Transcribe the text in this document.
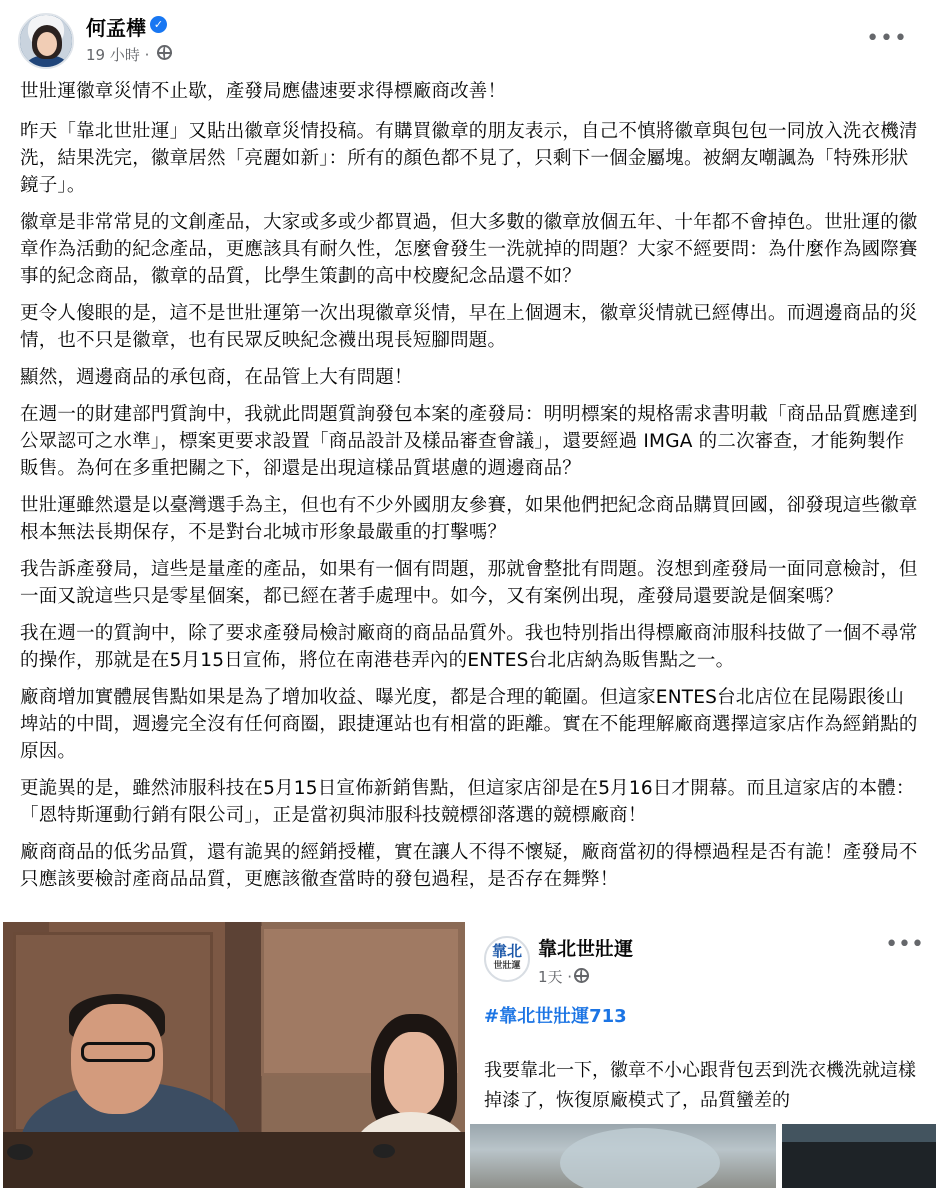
何孟樺 ✓
19 小時 ·
•••

世壯運徽章災情不止歇，產發局應儘速要求得標廠商改善！

昨天「靠北世壯運」又貼出徽章災情投稿。有購買徽章的朋友表示，自己不慎將徽章與包包一同放入洗衣機清洗，結果洗完，徽章居然「亮麗如新」：所有的顏色都不見了，只剩下一個金屬塊。被網友嘲諷為「特殊形狀鏡子」。

徽章是非常常見的文創產品，大家或多或少都買過，但大多數的徽章放個五年、十年都不會掉色。世壯運的徽章作為活動的紀念產品，更應該具有耐久性，怎麼會發生一洗就掉的問題？大家不經要問：為什麼作為國際賽事的紀念商品，徽章的品質，比學生策劃的高中校慶紀念品還不如？

更令人傻眼的是，這不是世壯運第一次出現徽章災情，早在上個週末，徽章災情就已經傳出。而週邊商品的災情，也不只是徽章，也有民眾反映紀念襪出現長短腳問題。

顯然，週邊商品的承包商，在品管上大有問題！

在週一的財建部門質詢中，我就此問題質詢發包本案的產發局：明明標案的規格需求書明載「商品品質應達到公眾認可之水準」，標案更要求設置「商品設計及樣品審查會議」，還要經過 IMGA 的二次審查，才能夠製作販售。為何在多重把關之下，卻還是出現這樣品質堪慮的週邊商品？

世壯運雖然還是以臺灣選手為主，但也有不少外國朋友參賽，如果他們把紀念商品購買回國，卻發現這些徽章根本無法長期保存，不是對台北城市形象最嚴重的打擊嗎？

我告訴產發局，這些是量產的產品，如果有一個有問題，那就會整批有問題。沒想到產發局一面同意檢討，但一面又說這些只是零星個案，都已經在著手處理中。如今，又有案例出現，產發局還要說是個案嗎？

我在週一的質詢中，除了要求產發局檢討廠商的商品品質外。我也特別指出得標廠商沛服科技做了一個不尋常的操作，那就是在5月15日宣佈，將位在南港巷弄內的ENTES台北店納為販售點之一。

廠商增加實體展售點如果是為了增加收益、曝光度，都是合理的範圍。但這家ENTES台北店位在昆陽跟後山埤站的中間，週邊完全沒有任何商圈，跟捷運站也有相當的距離。實在不能理解廠商選擇這家店作為經銷點的原因。

更詭異的是，雖然沛服科技在5月15日宣佈新銷售點，但這家店卻是在5月16日才開幕。而且這家店的本體：「恩特斯運動行銷有限公司」，正是當初與沛服科技競標卻落選的競標廠商！

廠商商品的低劣品質，還有詭異的經銷授權，實在讓人不得不懷疑，廠商當初的得標過程是否有詭！產發局不只應該要檢討產商品品質，更應該徹查當時的發包過程，是否存在舞弊！

靠北
世壯運
靠北世壯運
1天 ·
•••
#靠北世壯運713
我要靠北一下，徽章不小心跟背包丟到洗衣機洗就這樣掉漆了，恢復原廠模式了，品質蠻差的
